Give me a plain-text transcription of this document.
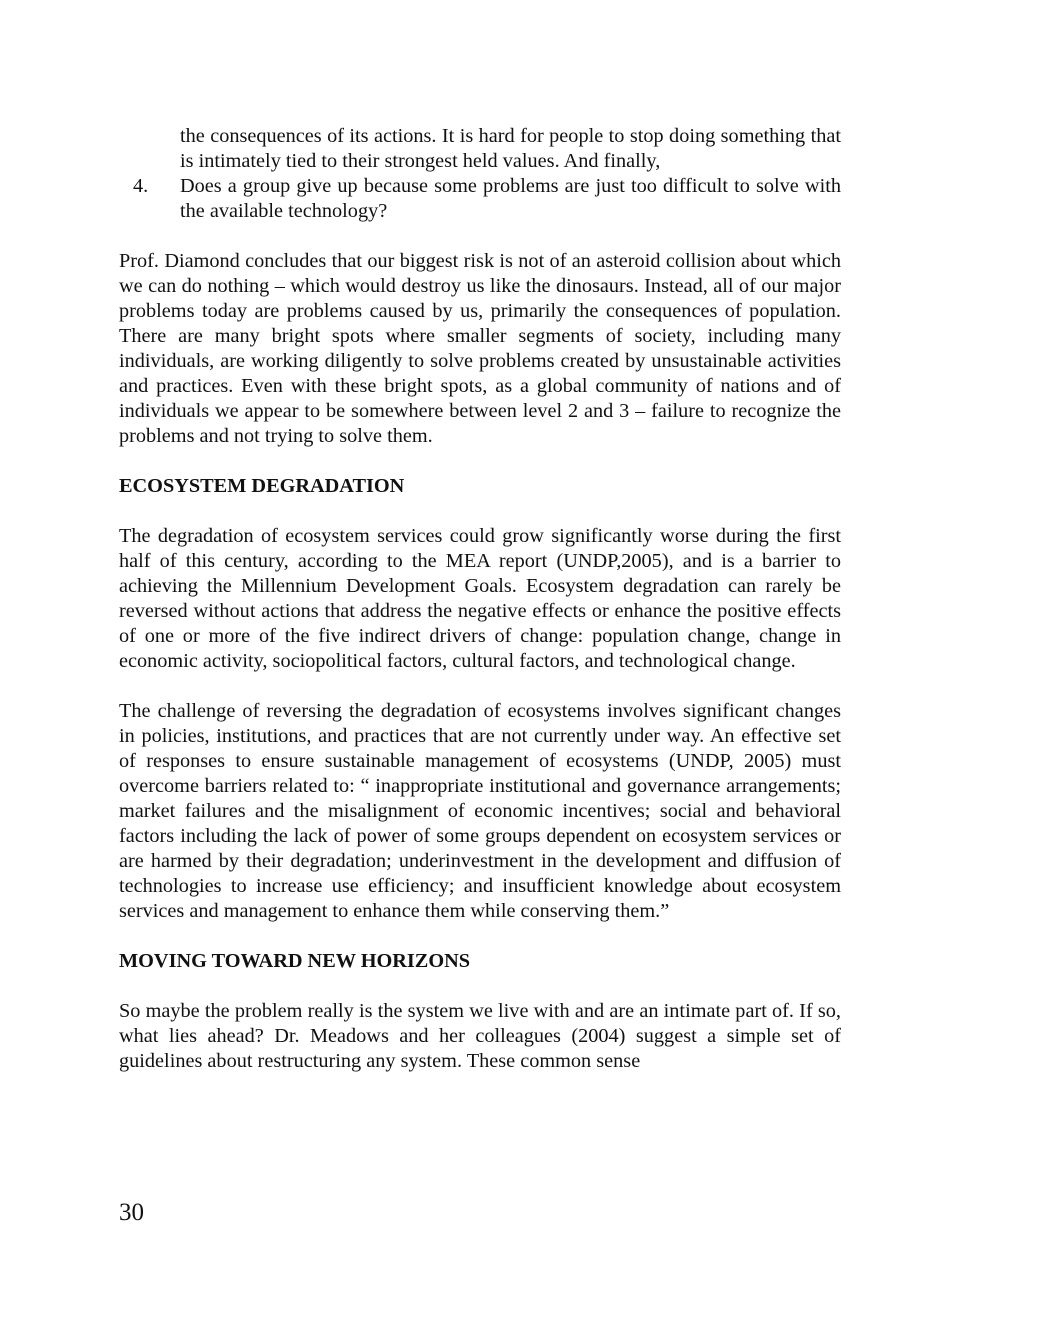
the consequences of its actions. It is hard for people to stop doing something that is intimately tied to their strongest held values. And finally,

4. Does a group give up because some problems are just too difficult to solve with the available technology?

Prof. Diamond concludes that our biggest risk is not of an asteroid collision about which we can do nothing – which would destroy us like the dinosaurs. Instead, all of our major problems today are problems caused by us, primarily the consequences of population. There are many bright spots where smaller segments of society, including many individuals, are working diligently to solve problems created by unsustainable activities and practices. Even with these bright spots, as a global community of nations and of individuals we appear to be somewhere between level 2 and 3 – failure to recognize the problems and not trying to solve them.

ECOSYSTEM DEGRADATION

The degradation of ecosystem services could grow significantly worse during the first half of this century, according to the MEA report (UNDP,2005), and is a barrier to achieving the Millennium Development Goals. Ecosystem degradation can rarely be reversed without actions that address the negative effects or enhance the positive effects of one or more of the five indirect drivers of change: population change, change in economic activity, sociopolitical factors, cultural factors, and technological change.

The challenge of reversing the degradation of ecosystems involves significant changes in policies, institutions, and practices that are not currently under way. An effective set of responses to ensure sustainable management of ecosystems (UNDP, 2005) must overcome barriers related to: “ inappropriate institutional and governance arrangements; market failures and the misalignment of economic incentives; social and behavioral factors including the lack of power of some groups dependent on ecosystem services or are harmed by their degradation; underinvestment in the development and diffusion of technologies to increase use efficiency; and insufficient knowledge about ecosystem services and management to enhance them while conserving them.”

MOVING TOWARD NEW HORIZONS

So maybe the problem really is the system we live with and are an intimate part of. If so, what lies ahead? Dr. Meadows and her colleagues (2004) suggest a simple set of guidelines about restructuring any system. These common sense

30
